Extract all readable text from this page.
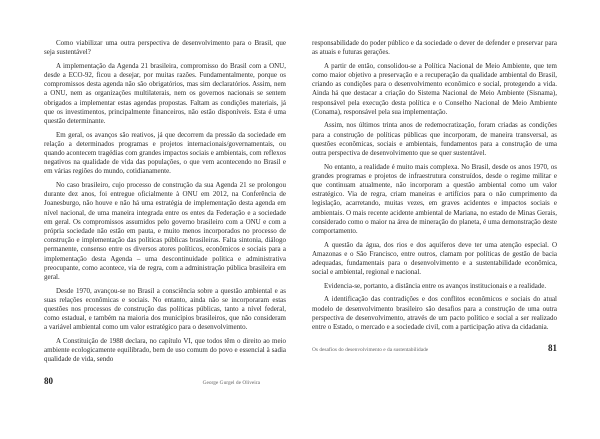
Como viabilizar uma outra perspectiva de desenvolvimento para o Brasil, que seja sustentável?

A implementação da Agenda 21 brasileira, compromisso do Brasil com a ONU, desde a ECO-92, ficou a desejar, por muitas razões. Fundamentalmente, porque os compromissos desta agenda não são obrigatórios, mas sim declaratórios. Assim, nem a ONU, nem as organizações multilaterais, nem os governos nacionais se sentem obrigados a implementar estas agendas propostas. Faltam as condições materiais, já que os investimentos, principalmente financeiros, não estão disponíveis. Esta é uma questão determinante.

Em geral, os avanços são reativos, já que decorrem da pressão da sociedade em relação a determinados programas e projetos internacionais/governamentais, ou quando acontecem tragédias com grandes impactos sociais e ambientais, com reflexos negativos na qualidade de vida das populações, o que vem acontecendo no Brasil e em várias regiões do mundo, cotidianamente.

No caso brasileiro, cujo processo de construção da sua Agenda 21 se prolongou durante dez anos, foi entregue oficialmente à ONU em 2012, na Conferência de Joanesburgo, não houve e não há uma estratégia de implementação desta agenda em nível nacional, de uma maneira integrada entre os entes da Federação e a sociedade em geral. Os compromissos assumidos pelo governo brasileiro com a ONU e com a própria sociedade não estão em pauta, e muito menos incorporados no processo de construção e implementação das políticas públicas brasileiras. Falta sintonia, diálogo permanente, consenso entre os diversos atores políticos, econômicos e sociais para a implementação desta Agenda – uma descontinuidade política e administrativa preocupante, como acontece, via de regra, com a administração pública brasileira em geral.

Desde 1970, avançou-se no Brasil a consciência sobre a questão ambiental e as suas relações econômicas e sociais. No entanto, ainda não se incorporaram estas questões nos processos de construção das políticas públicas, tanto a nível federal, como estadual, e também na maioria dos municípios brasileiros, que não consideram a variável ambiental como um valor estratégico para o desenvolvimento.

A Constituição de 1988 declara, no capítulo VI, que todos têm o direito ao meio ambiente ecologicamente equilibrado, bem de uso comum do povo e essencial à sadia qualidade de vida, sendo

80	George Gurgel de Oliveira

responsabilidade do poder público e da sociedade o dever de defender e preservar para as atuais e futuras gerações.

A partir de então, consolidou-se a Política Nacional de Meio Ambiente, que tem como maior objetivo a preservação e a recuperação da qualidade ambiental do Brasil, criando as condições para o desenvolvimento econômico e social, protegendo a vida. Ainda há que destacar a criação do Sistema Nacional de Meio Ambiente (Sisnama), responsável pela execução desta política e o Conselho Nacional de Meio Ambiente (Conama), responsável pela sua implementação.

Assim, nos últimos trinta anos de redemocratização, foram criadas as condições para a construção de políticas públicas que incorporam, de maneira transversal, as questões econômicas, sociais e ambientais, fundamentos para a construção de uma outra perspectiva de desenvolvimento que se quer sustentável.

No entanto, a realidade é muito mais complexa. No Brasil, desde os anos 1970, os grandes programas e projetos de infraestrutura construídos, desde o regime militar e que continuam atualmente, não incorporam a questão ambiental como um valor estratégico. Via de regra, criam maneiras e artifícios para o não cumprimento da legislação, acarretando, muitas vezes, em graves acidentes e impactos sociais e ambientais. O mais recente acidente ambiental de Mariana, no estado de Minas Gerais, considerado como o maior na área de mineração do planeta, é uma demonstração deste comportamento.

A questão da água, dos rios e dos aquíferos deve ter uma atenção especial. O Amazonas e o São Francisco, entre outros, clamam por políticas de gestão de bacia adequadas, fundamentais para o desenvolvimento e a sustentabilidade econômica, social e ambiental, regional e nacional.

Evidencia-se, portanto, a distância entre os avanços institucionais e a realidade.

A identificação das contradições e dos conflitos econômicos e sociais do atual modelo de desenvolvimento brasileiro são desafios para a construção de uma outra perspectiva de desenvolvimento, através de um pacto político e social a ser realizado entre o Estado, o mercado e a sociedade civil, com a participação ativa da cidadania.

Os desafios do desenvolvimento e da sustentabilidade	81
